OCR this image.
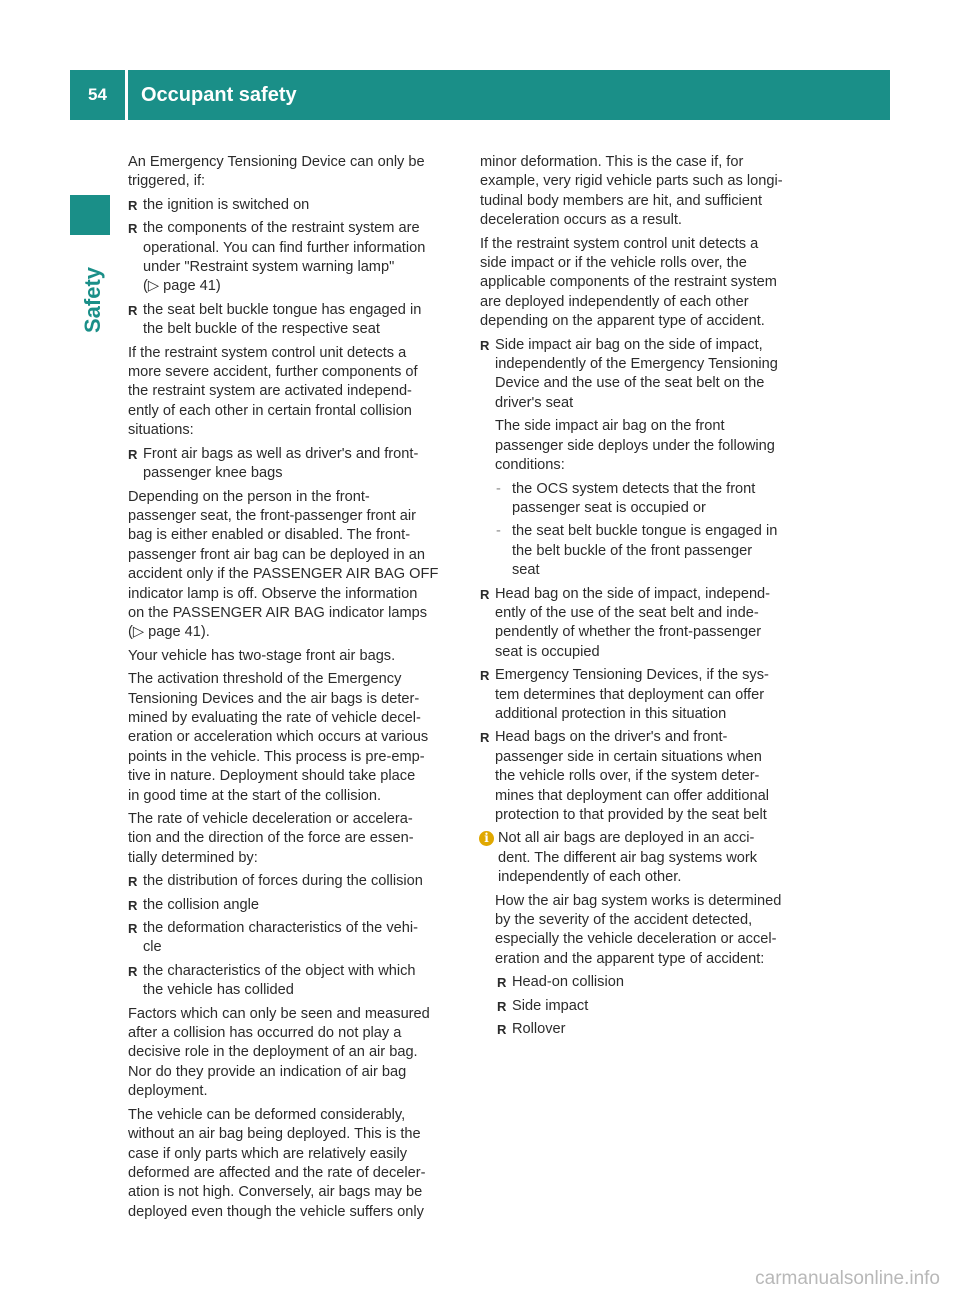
54	Occupant safety
Safety
An Emergency Tensioning Device can only be
triggered, if:
R the ignition is switched on
R the components of the restraint system are
operational. You can find further information
under "Restraint system warning lamp"
(▷ page 41)
R the seat belt buckle tongue has engaged in
the belt buckle of the respective seat
If the restraint system control unit detects a
more severe accident, further components of
the restraint system are activated independ-
ently of each other in certain frontal collision
situations:
R Front air bags as well as driver's and front-
passenger knee bags
Depending on the person in the front-
passenger seat, the front-passenger front air
bag is either enabled or disabled. The front-
passenger front air bag can be deployed in an
accident only if the PASSENGER AIR BAG OFF
indicator lamp is off. Observe the information
on the PASSENGER AIR BAG indicator lamps
(▷ page 41).
Your vehicle has two-stage front air bags.
The activation threshold of the Emergency
Tensioning Devices and the air bags is deter-
mined by evaluating the rate of vehicle decel-
eration or acceleration which occurs at various
points in the vehicle. This process is pre-emp-
tive in nature. Deployment should take place
in good time at the start of the collision.
The rate of vehicle deceleration or accelera-
tion and the direction of the force are essen-
tially determined by:
R the distribution of forces during the collision
R the collision angle
R the deformation characteristics of the vehi-
cle
R the characteristics of the object with which
the vehicle has collided
Factors which can only be seen and measured
after a collision has occurred do not play a
decisive role in the deployment of an air bag.
Nor do they provide an indication of air bag
deployment.
The vehicle can be deformed considerably,
without an air bag being deployed. This is the
case if only parts which are relatively easily
deformed are affected and the rate of deceler-
ation is not high. Conversely, air bags may be
deployed even though the vehicle suffers only
minor deformation. This is the case if, for
example, very rigid vehicle parts such as longi-
tudinal body members are hit, and sufficient
deceleration occurs as a result.
If the restraint system control unit detects a
side impact or if the vehicle rolls over, the
applicable components of the restraint system
are deployed independently of each other
depending on the apparent type of accident.
R Side impact air bag on the side of impact,
independently of the Emergency Tensioning
Device and the use of the seat belt on the
driver's seat
The side impact air bag on the front
passenger side deploys under the following
conditions:
- the OCS system detects that the front
passenger seat is occupied or
- the seat belt buckle tongue is engaged in
the belt buckle of the front passenger
seat
R Head bag on the side of impact, independ-
ently of the use of the seat belt and inde-
pendently of whether the front-passenger
seat is occupied
R Emergency Tensioning Devices, if the sys-
tem determines that deployment can offer
additional protection in this situation
R Head bags on the driver's and front-
passenger side in certain situations when
the vehicle rolls over, if the system deter-
mines that deployment can offer additional
protection to that provided by the seat belt
i Not all air bags are deployed in an acci-
dent. The different air bag systems work
independently of each other.
How the air bag system works is determined
by the severity of the accident detected,
especially the vehicle deceleration or accel-
eration and the apparent type of accident:
R Head-on collision
R Side impact
R Rollover
carmanualsonline.info
